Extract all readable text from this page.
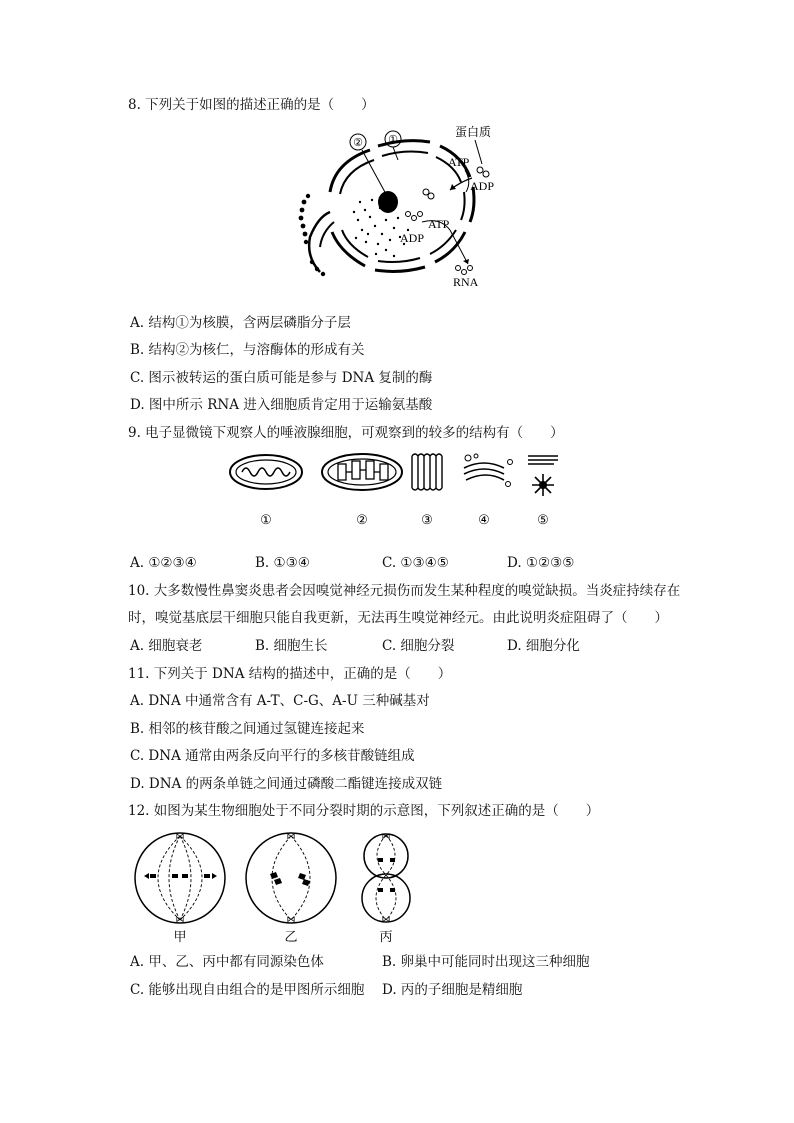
8. 下列关于如图的描述正确的是（　　）
② ①
蛋白质
ATP
ADP
ATP
ADP
RNA
A. 结构①为核膜，含两层磷脂分子层
B. 结构②为核仁，与溶酶体的形成有关
C. 图示被转运的蛋白质可能是参与 DNA 复制的酶
D. 图中所示 RNA 进入细胞质肯定用于运输氨基酸
9. 电子显微镜下观察人的唾液腺细胞，可观察到的较多的结构有（　　）
①	②	③	④	⑤
A. ①②③④	B. ①③④	C. ①③④⑤	D. ①②③⑤
10. 大多数慢性鼻窦炎患者会因嗅觉神经元损伤而发生某种程度的嗅觉缺损。当炎症持续存在
时，嗅觉基底层干细胞只能自我更新，无法再生嗅觉神经元。由此说明炎症阻碍了（　　）
A. 细胞衰老	B. 细胞生长	C. 细胞分裂	D. 细胞分化
11. 下列关于 DNA 结构的描述中，正确的是（　　）
A. DNA 中通常含有 A-T、C-G、A-U 三种碱基对
B. 相邻的核苷酸之间通过氢键连接起来
C. DNA 通常由两条反向平行的多核苷酸链组成
D. DNA 的两条单链之间通过磷酸二酯键连接成双链
12. 如图为某生物细胞处于不同分裂时期的示意图，下列叙述正确的是（　　）
⋈
⋈
甲
⋈
⋈
乙
⋈
⋈
丙
A. 甲、乙、丙中都有同源染色体	B. 卵巢中可能同时出现这三种细胞
C. 能够出现自由组合的是甲图所示细胞 D. 丙的子细胞是精细胞
